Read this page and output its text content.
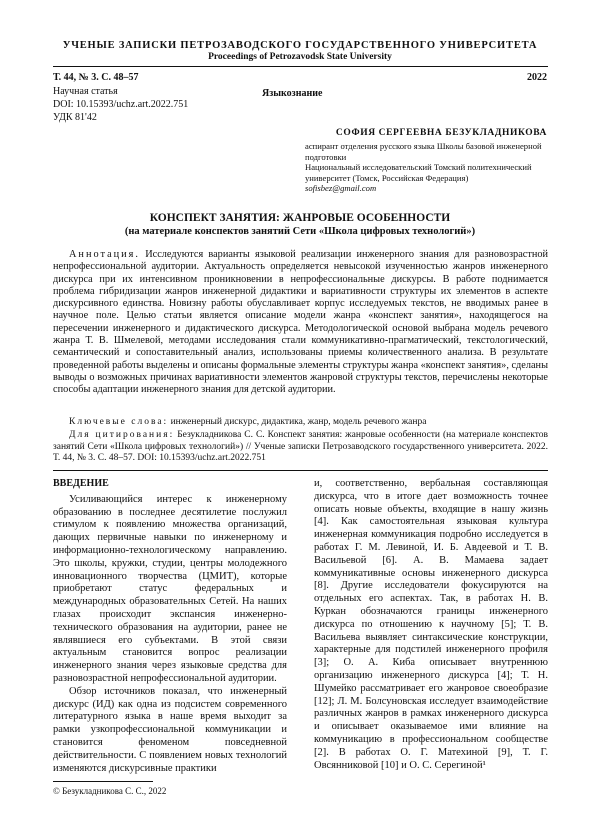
УЧЕНЫЕ ЗАПИСКИ ПЕТРОЗАВОДСКОГО ГОСУДАРСТВЕННОГО УНИВЕРСИТЕТА
Proceedings of Petrozavodsk State University
Т. 44, № 3. С. 48–57	2022
Научная статья	Языкознание
DOI: 10.15393/uchz.art.2022.751
УДК 81'42
СОФИЯ СЕРГЕЕВНА БЕЗУКЛАДНИКОВА
аспирант отделения русского языка Школы базовой инженерной подготовки
Национальный исследовательский Томский политехнический университет (Томск, Российская Федерация)
sofisbez@gmail.com
КОНСПЕКТ ЗАНЯТИЯ: ЖАНРОВЫЕ ОСОБЕННОСТИ
(на материале конспектов занятий Сети «Школа цифровых технологий»)
Аннотация. Исследуются варианты языковой реализации инженерного знания для разновозрастной непрофессиональной аудитории. Актуальность определяется невысокой изученностью жанров инженерного дискурса при их интенсивном проникновении в непрофессиональные дискурсы. В работе поднимается проблема гибридизации жанров инженерной дидактики и вариативности структуры их элементов в аспекте дискурсивного единства. Новизну работы обуславливает корпус исследуемых текстов, не вводимых ранее в научное поле. Целью статьи является описание модели жанра «конспект занятия», находящегося на пересечении инженерного и дидактического дискурса. Методологической основой выбрана модель речевого жанра Т. В. Шмелевой, методами исследования стали коммуникативно-прагматический, текстологический, семантический и сопоставительный анализ, использованы приемы количественного анализа. В результате проведенной работы выделены и описаны формальные элементы структуры жанра «конспект занятия», сделаны выводы о возможных причинах вариативности элементов жанровой структуры текстов, перечислены некоторые способы адаптации инженерного знания для детской аудитории.
Ключевые слова: инженерный дискурс, дидактика, жанр, модель речевого жанра
Для цитирования: Безукладникова С. С. Конспект занятия: жанровые особенности (на материале конспектов занятий Сети «Школа цифровых технологий») // Ученые записки Петрозаводского государственного университета. 2022. Т. 44, № 3. С. 48–57. DOI: 10.15393/uchz.art.2022.751
ВВЕДЕНИЕ

Усиливающийся интерес к инженерному образованию в последнее десятилетие послужил стимулом к появлению множества организаций, дающих первичные навыки по инженерному и информационно-технологическому направлению. Это школы, кружки, студии, центры молодежного инновационного творчества (ЦМИТ), которые приобретают статус федеральных и международных образовательных Сетей. На наших глазах происходит экспансия инженерно-технического образования на аудитории, ранее не являвшиеся его субъектами. В этой связи актуальным становится вопрос реализации инженерного знания через языковые средства для разновозрастной непрофессиональной аудитории.

Обзор источников показал, что инженерный дискурс (ИД) как одна из подсистем современного литературного языка в наше время выходит за рамки узкопрофессиональной коммуникации и становится феноменом повседневной действительности. С появлением новых технологий изменяются дискурсивные практики

и, соответственно, вербальная составляющая дискурса, что в итоге дает возможность точнее описать новые объекты, входящие в нашу жизнь [4]. Как самостоятельная языковая культура инженерная коммуникация подробно исследуется в работах Г. М. Левиной, И. Б. Авдеевой и Т. В. Васильевой [6]. А. В. Мамаева задает коммуникативные основы инженерного дискурса [8]. Другие исследователи фокусируются на отдельных его аспектах. Так, в работах Н. В. Куркан обозначаются границы инженерного дискурса по отношению к научному [5]; Т. В. Васильева выявляет синтаксические конструкции, характерные для подстилей инженерного профиля [3]; О. А. Киба описывает внутреннюю организацию инженерного дискурса [4]; Т. Н. Шумейко рассматривает его жанровое своеобразие [12]; Л. М. Болсуновская исследует взаимодействие различных жанров в рамках инженерного дискурса и описывает оказываемое ими влияние на коммуникацию в профессиональном сообществе [2]. В работах О. Г. Матехиной [9], Т. Г. Овсянниковой [10] и О. С. Серегиной¹

© Безукладникова С. С., 2022
